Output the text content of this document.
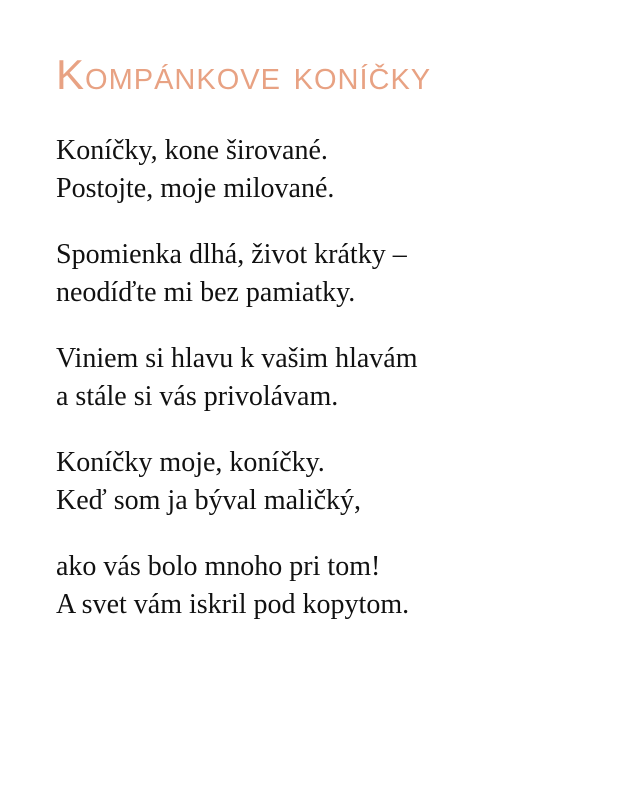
Kompánkove koníčky

Koníčky, kone širované.
Postojte, moje milované.

Spomienka dlhá, život krátky –
neodíďte mi bez pamiatky.

Viniem si hlavu k vašim hlavám
a stále si vás privolávam.

Koníčky moje, koníčky.
Keď som ja býval maličký,

ako vás bolo mnoho pri tom!
A svet vám iskril pod kopytom.
